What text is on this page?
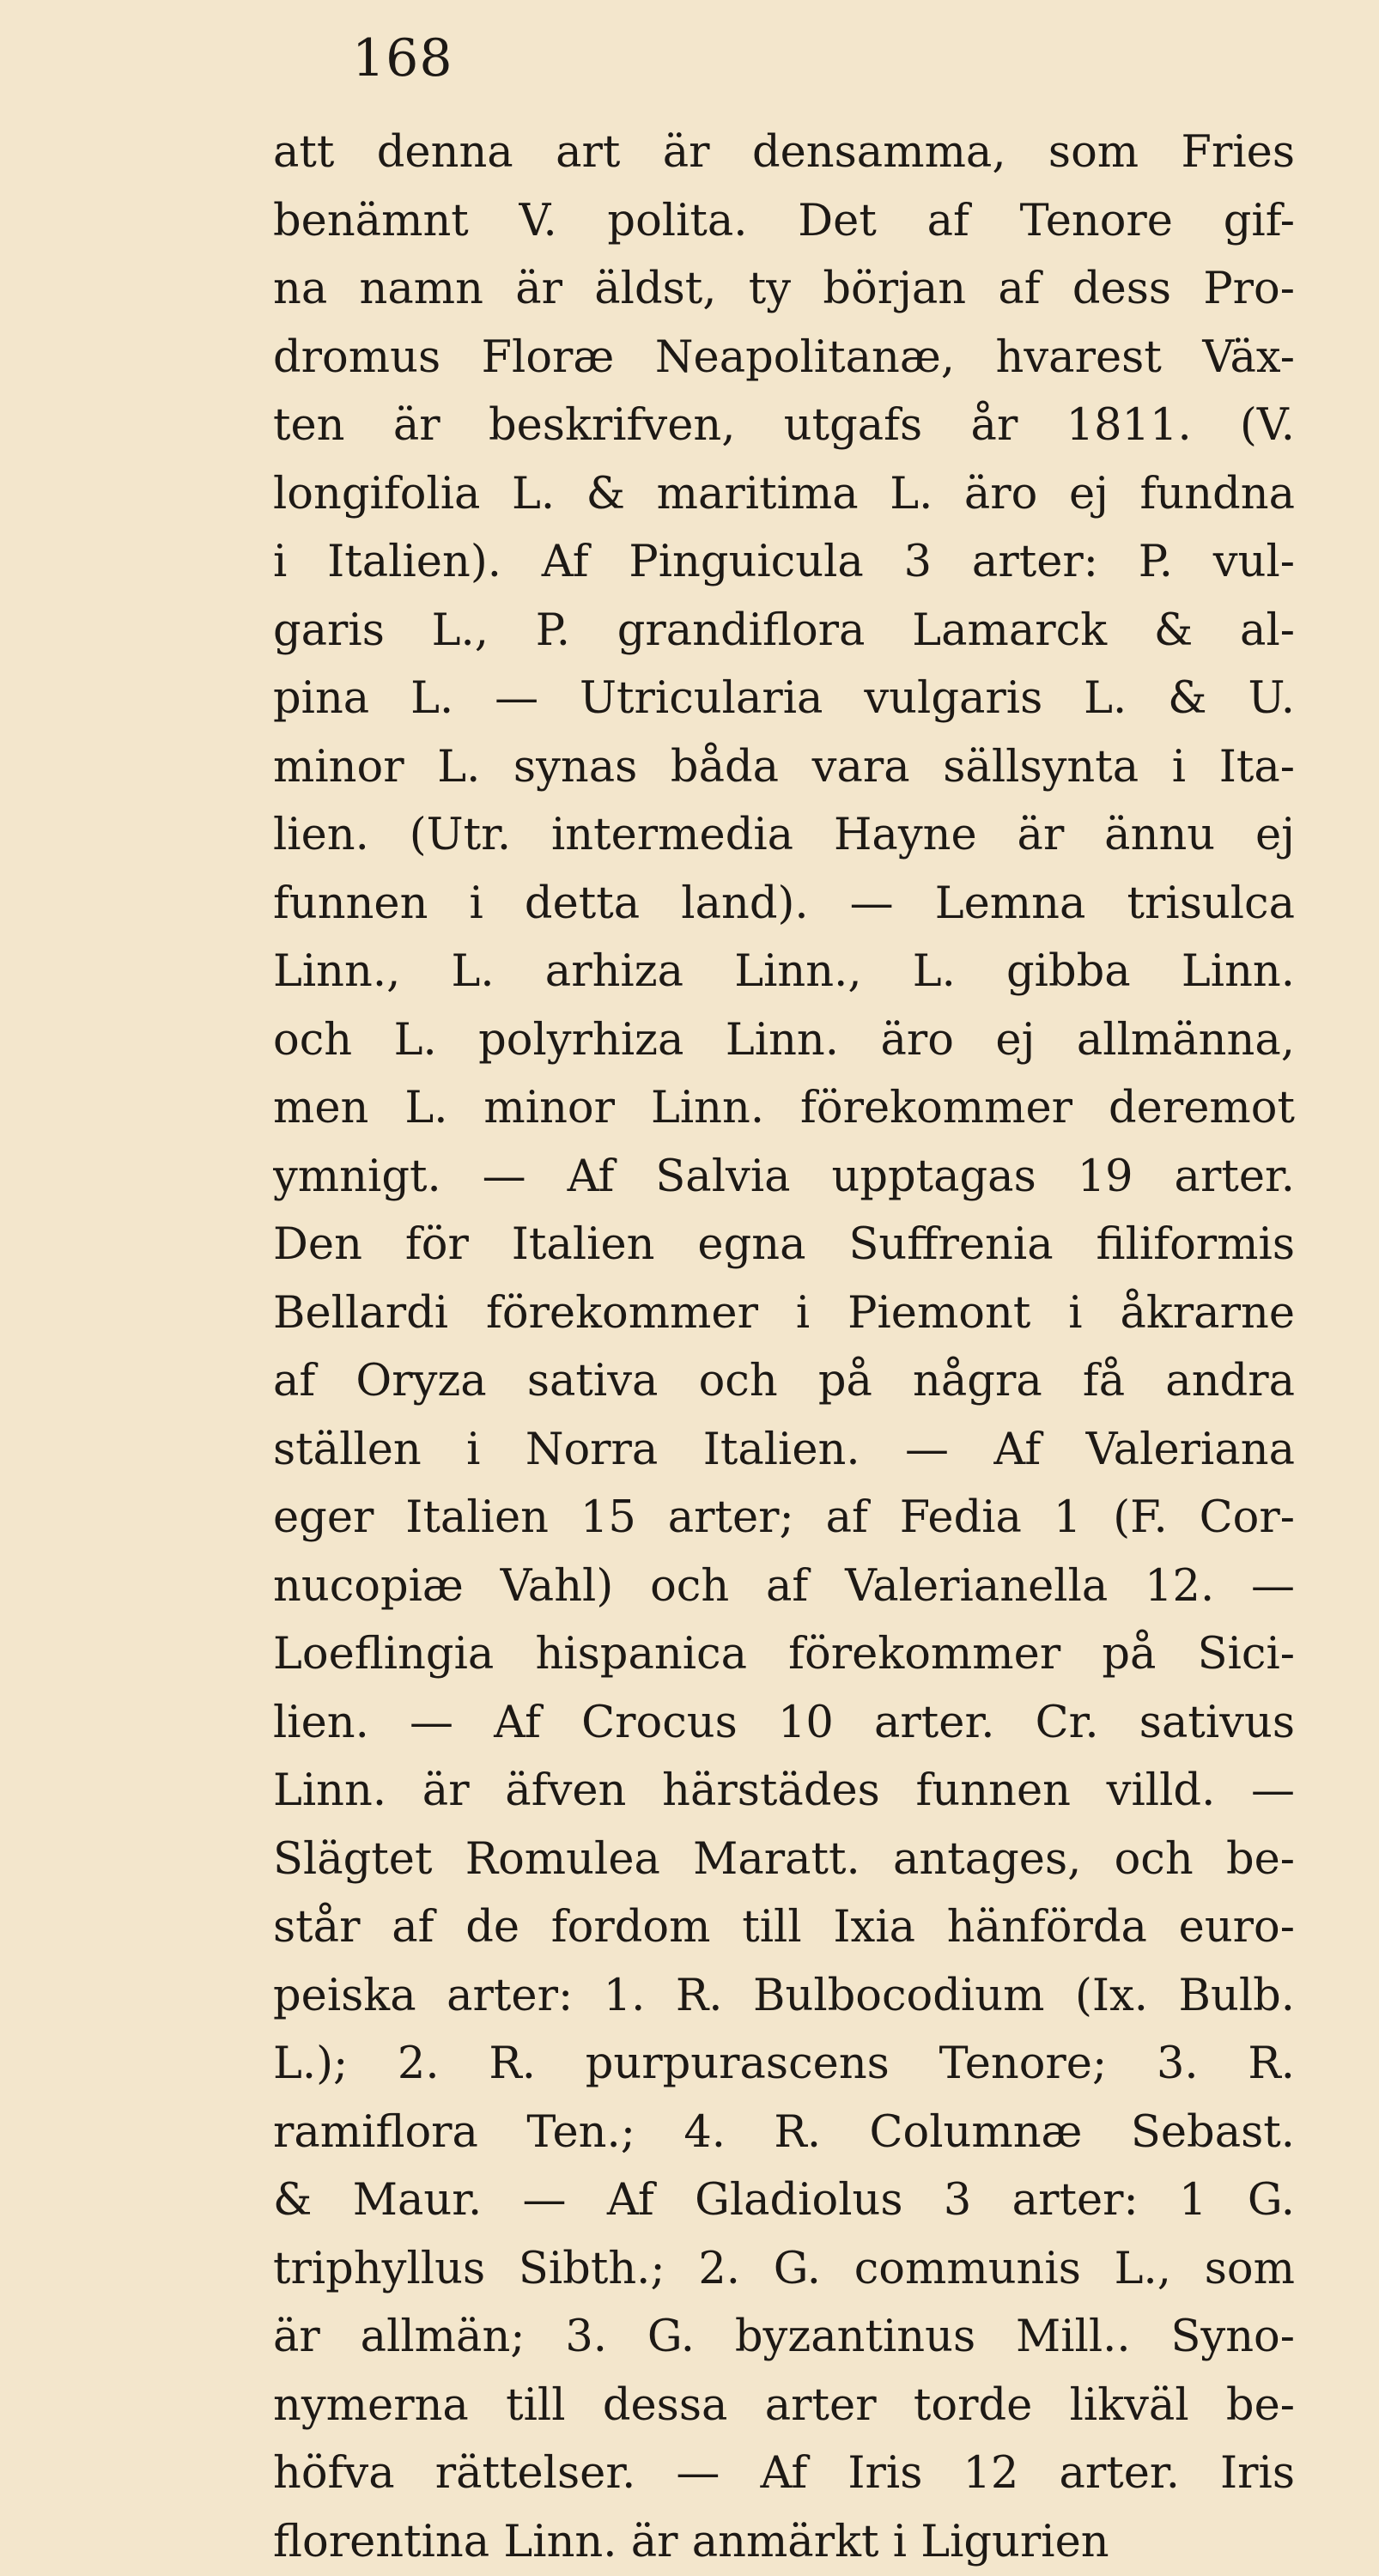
168
att denna art är densamma, som Fries
benämnt V. polita. Det af Tenore gif-
na namn är äldst, ty början af dess Pro-
dromus Floræ Neapolitanæ, hvarest Väx-
ten är beskrifven, utgafs år 1811. (V.
longifolia L. & maritima L. äro ej fundna
i Italien). Af Pinguicula 3 arter: P. vul-
garis L., P. grandiflora Lamarck & al-
pina L. — Utricularia vulgaris L. & U.
minor L. synas båda vara sällsynta i Ita-
lien. (Utr. intermedia Hayne är ännu ej
funnen i detta land). — Lemna trisulca
Linn., L. arhiza Linn., L. gibba Linn.
och L. polyrhiza Linn. äro ej allmänna,
men L. minor Linn. förekommer deremot
ymnigt. — Af Salvia upptagas 19 arter.
Den för Italien egna Suffrenia filiformis
Bellardi förekommer i Piemont i åkrarne
af Oryza sativa och på några få andra
ställen i Norra Italien. — Af Valeriana
eger Italien 15 arter; af Fedia 1 (F. Cor-
nucopiæ Vahl) och af Valerianella 12. —
Loeflingia hispanica förekommer på Sici-
lien. — Af Crocus 10 arter. Cr. sativus
Linn. är äfven härstädes funnen villd. —
Slägtet Romulea Maratt. antages, och be-
står af de fordom till Ixia hänförda euro-
peiska arter: 1. R. Bulbocodium (Ix. Bulb.
L.); 2. R. purpurascens Tenore; 3. R.
ramiflora Ten.; 4. R. Columnæ Sebast.
& Maur. — Af Gladiolus 3 arter: 1 G.
triphyllus Sibth.; 2. G. communis L., som
är allmän; 3. G. byzantinus Mill.. Syno-
nymerna till dessa arter torde likväl be-
höfva rättelser. — Af Iris 12 arter. Iris
florentina Linn. är anmärkt i Ligurien
